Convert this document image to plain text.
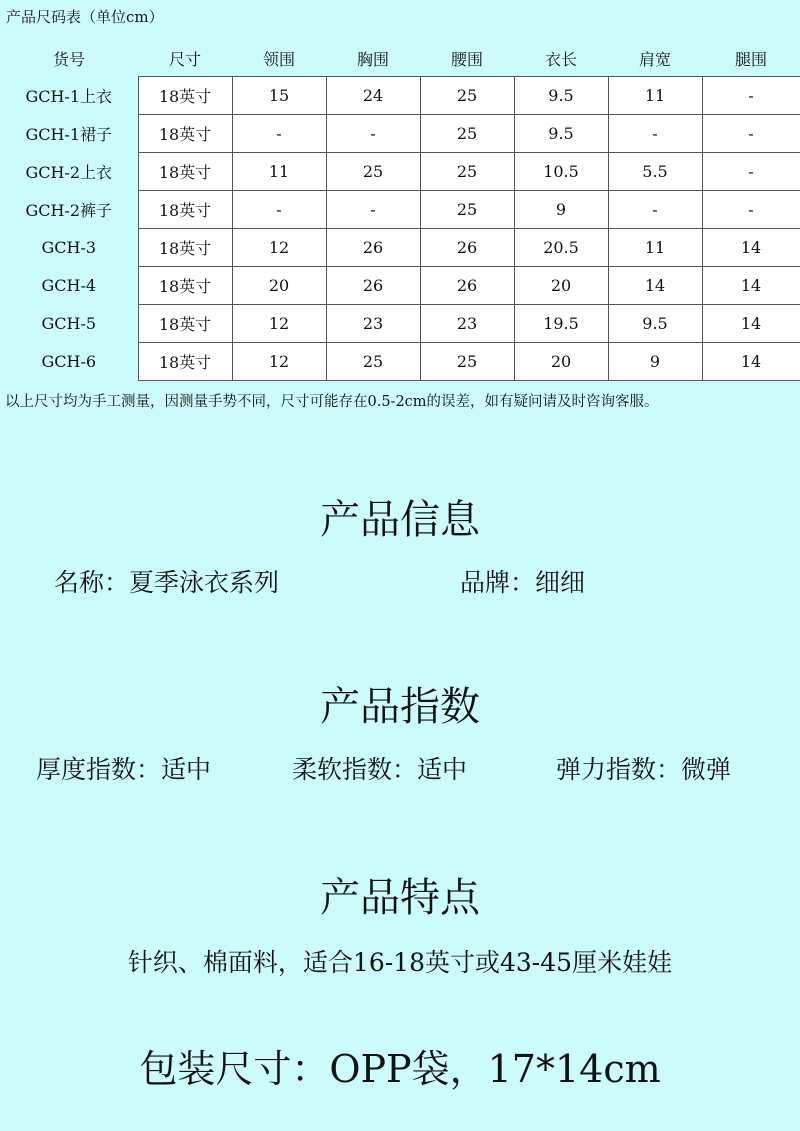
产品尺码表（单位cm）
货号	尺寸	领围	胸围	腰围	衣长	肩宽	腿围
GCH-1上衣	18英寸	15	24	25	9.5	11	-
GCH-1裙子	18英寸	-	-	25	9.5	-	-
GCH-2上衣	18英寸	11	25	25	10.5	5.5	-
GCH-2裤子	18英寸	-	-	25	9	-	-
GCH-3	18英寸	12	26	26	20.5	11	14
GCH-4	18英寸	20	26	26	20	14	14
GCH-5	18英寸	12	23	23	19.5	9.5	14
GCH-6	18英寸	12	25	25	20	9	14
以上尺寸均为手工测量，因测量手势不同，尺寸可能存在0.5-2cm的误差，如有疑问请及时咨询客服。
产品信息
名称：夏季泳衣系列	品牌：细细
产品指数
厚度指数：适中	柔软指数：适中	弹力指数：微弹
产品特点
针织、棉面料，适合16-18英寸或43-45厘米娃娃
包装尺寸：OPP袋，17*14cm
